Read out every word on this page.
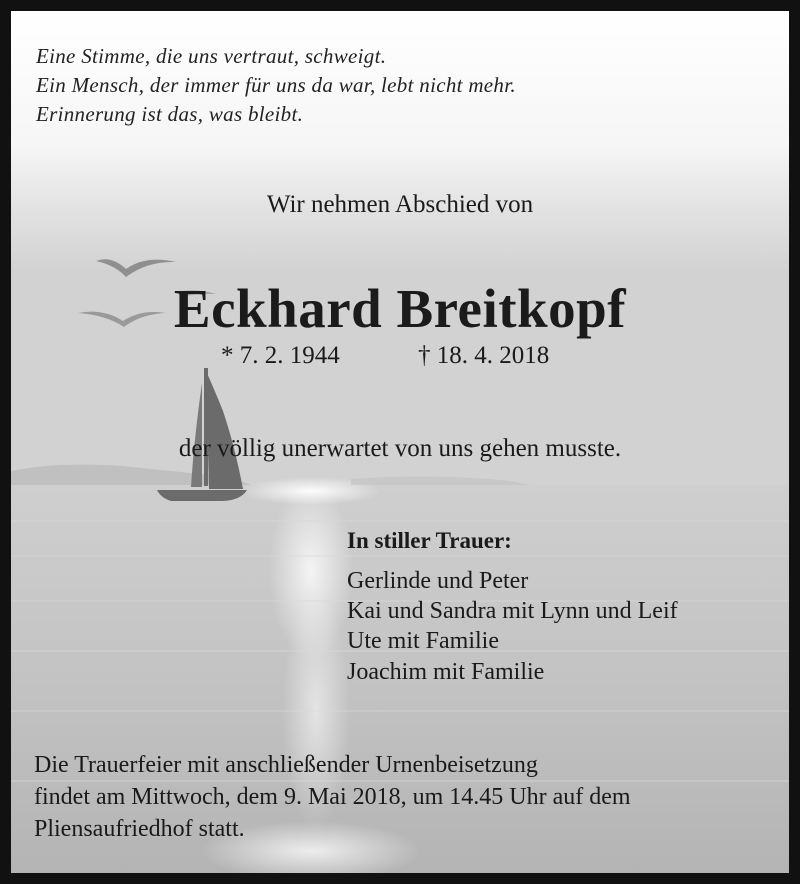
Eine Stimme, die uns vertraut, schweigt.
Ein Mensch, der immer für uns da war, lebt nicht mehr.
Erinnerung ist das, was bleibt.
Wir nehmen Abschied von
Eckhard Breitkopf
* 7. 2. 1944	† 18. 4. 2018
der völlig unerwartet von uns gehen musste.
In stiller Trauer:
Gerlinde und Peter
Kai und Sandra mit Lynn und Leif
Ute mit Familie
Joachim mit Familie
Die Trauerfeier mit anschließender Urnenbeisetzung
findet am Mittwoch, dem 9. Mai 2018, um 14.45 Uhr auf dem
Pliensaufriedhof statt.
